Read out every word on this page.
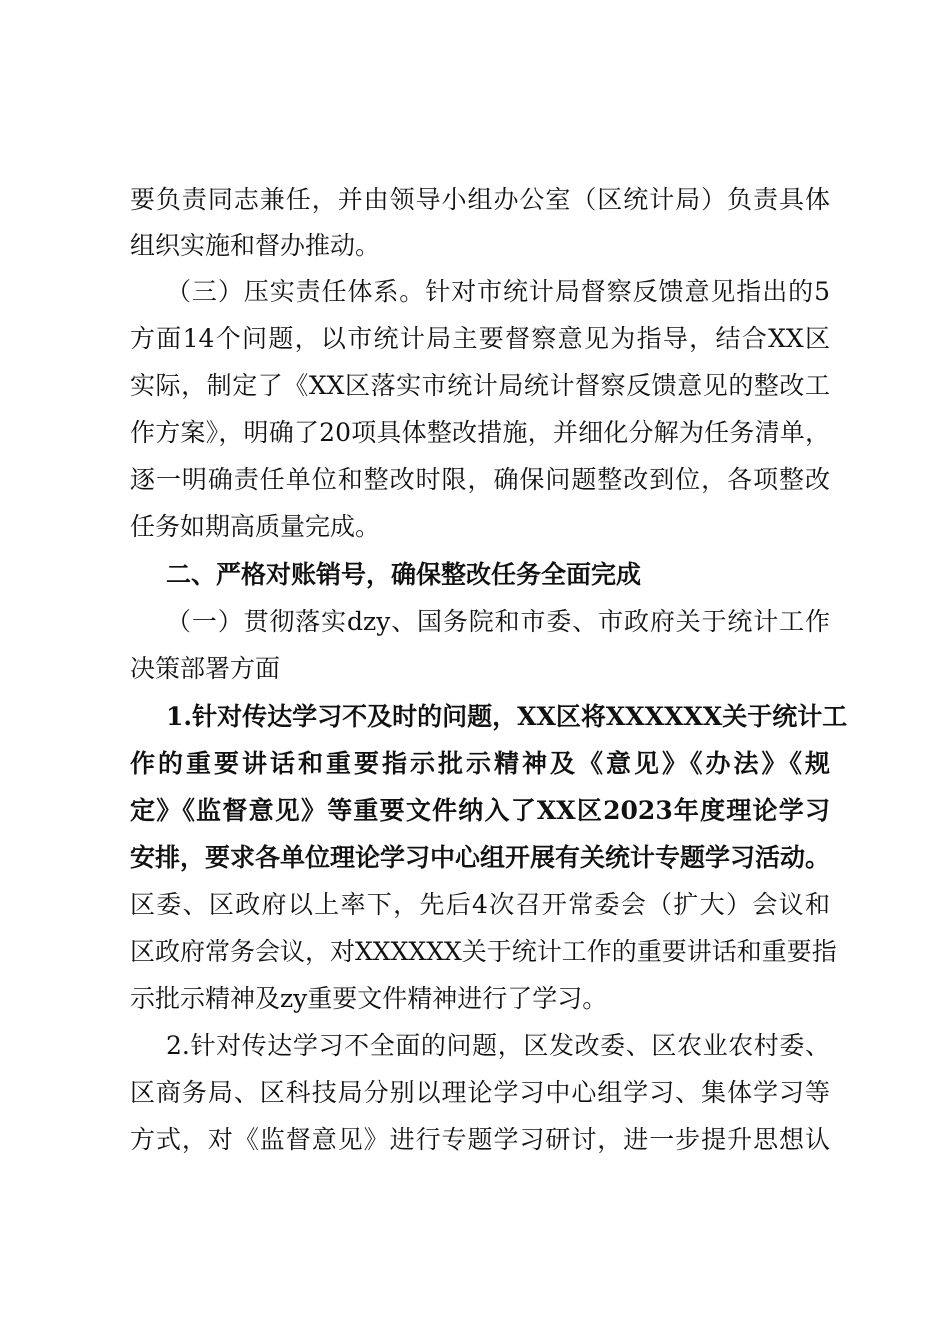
要负责同志兼任，并由领导小组办公室（区统计局）负责具体
组织实施和督办推动。
（三）压实责任体系。针对市统计局督察反馈意见指出的5
方面14个问题，以市统计局主要督察意见为指导，结合XX区
实际，制定了《XX区落实市统计局统计督察反馈意见的整改工
作方案》，明确了20项具体整改措施，并细化分解为任务清单，
逐一明确责任单位和整改时限，确保问题整改到位，各项整改
任务如期高质量完成。
二、严格对账销号，确保整改任务全面完成
（一）贯彻落实dzy、国务院和市委、市政府关于统计工作
决策部署方面
1.针对传达学习不及时的问题，XX区将XXXXXX关于统计工
作的重要讲话和重要指示批示精神及《意见》《办法》《规
定》《监督意见》等重要文件纳入了XX区2023年度理论学习
安排，要求各单位理论学习中心组开展有关统计专题学习活动。
区委、区政府以上率下，先后4次召开常委会（扩大）会议和
区政府常务会议，对XXXXXX关于统计工作的重要讲话和重要指
示批示精神及zy重要文件精神进行了学习。
2.针对传达学习不全面的问题，区发改委、区农业农村委、
区商务局、区科技局分别以理论学习中心组学习、集体学习等
方式，对《监督意见》进行专题学习研讨，进一步提升思想认
